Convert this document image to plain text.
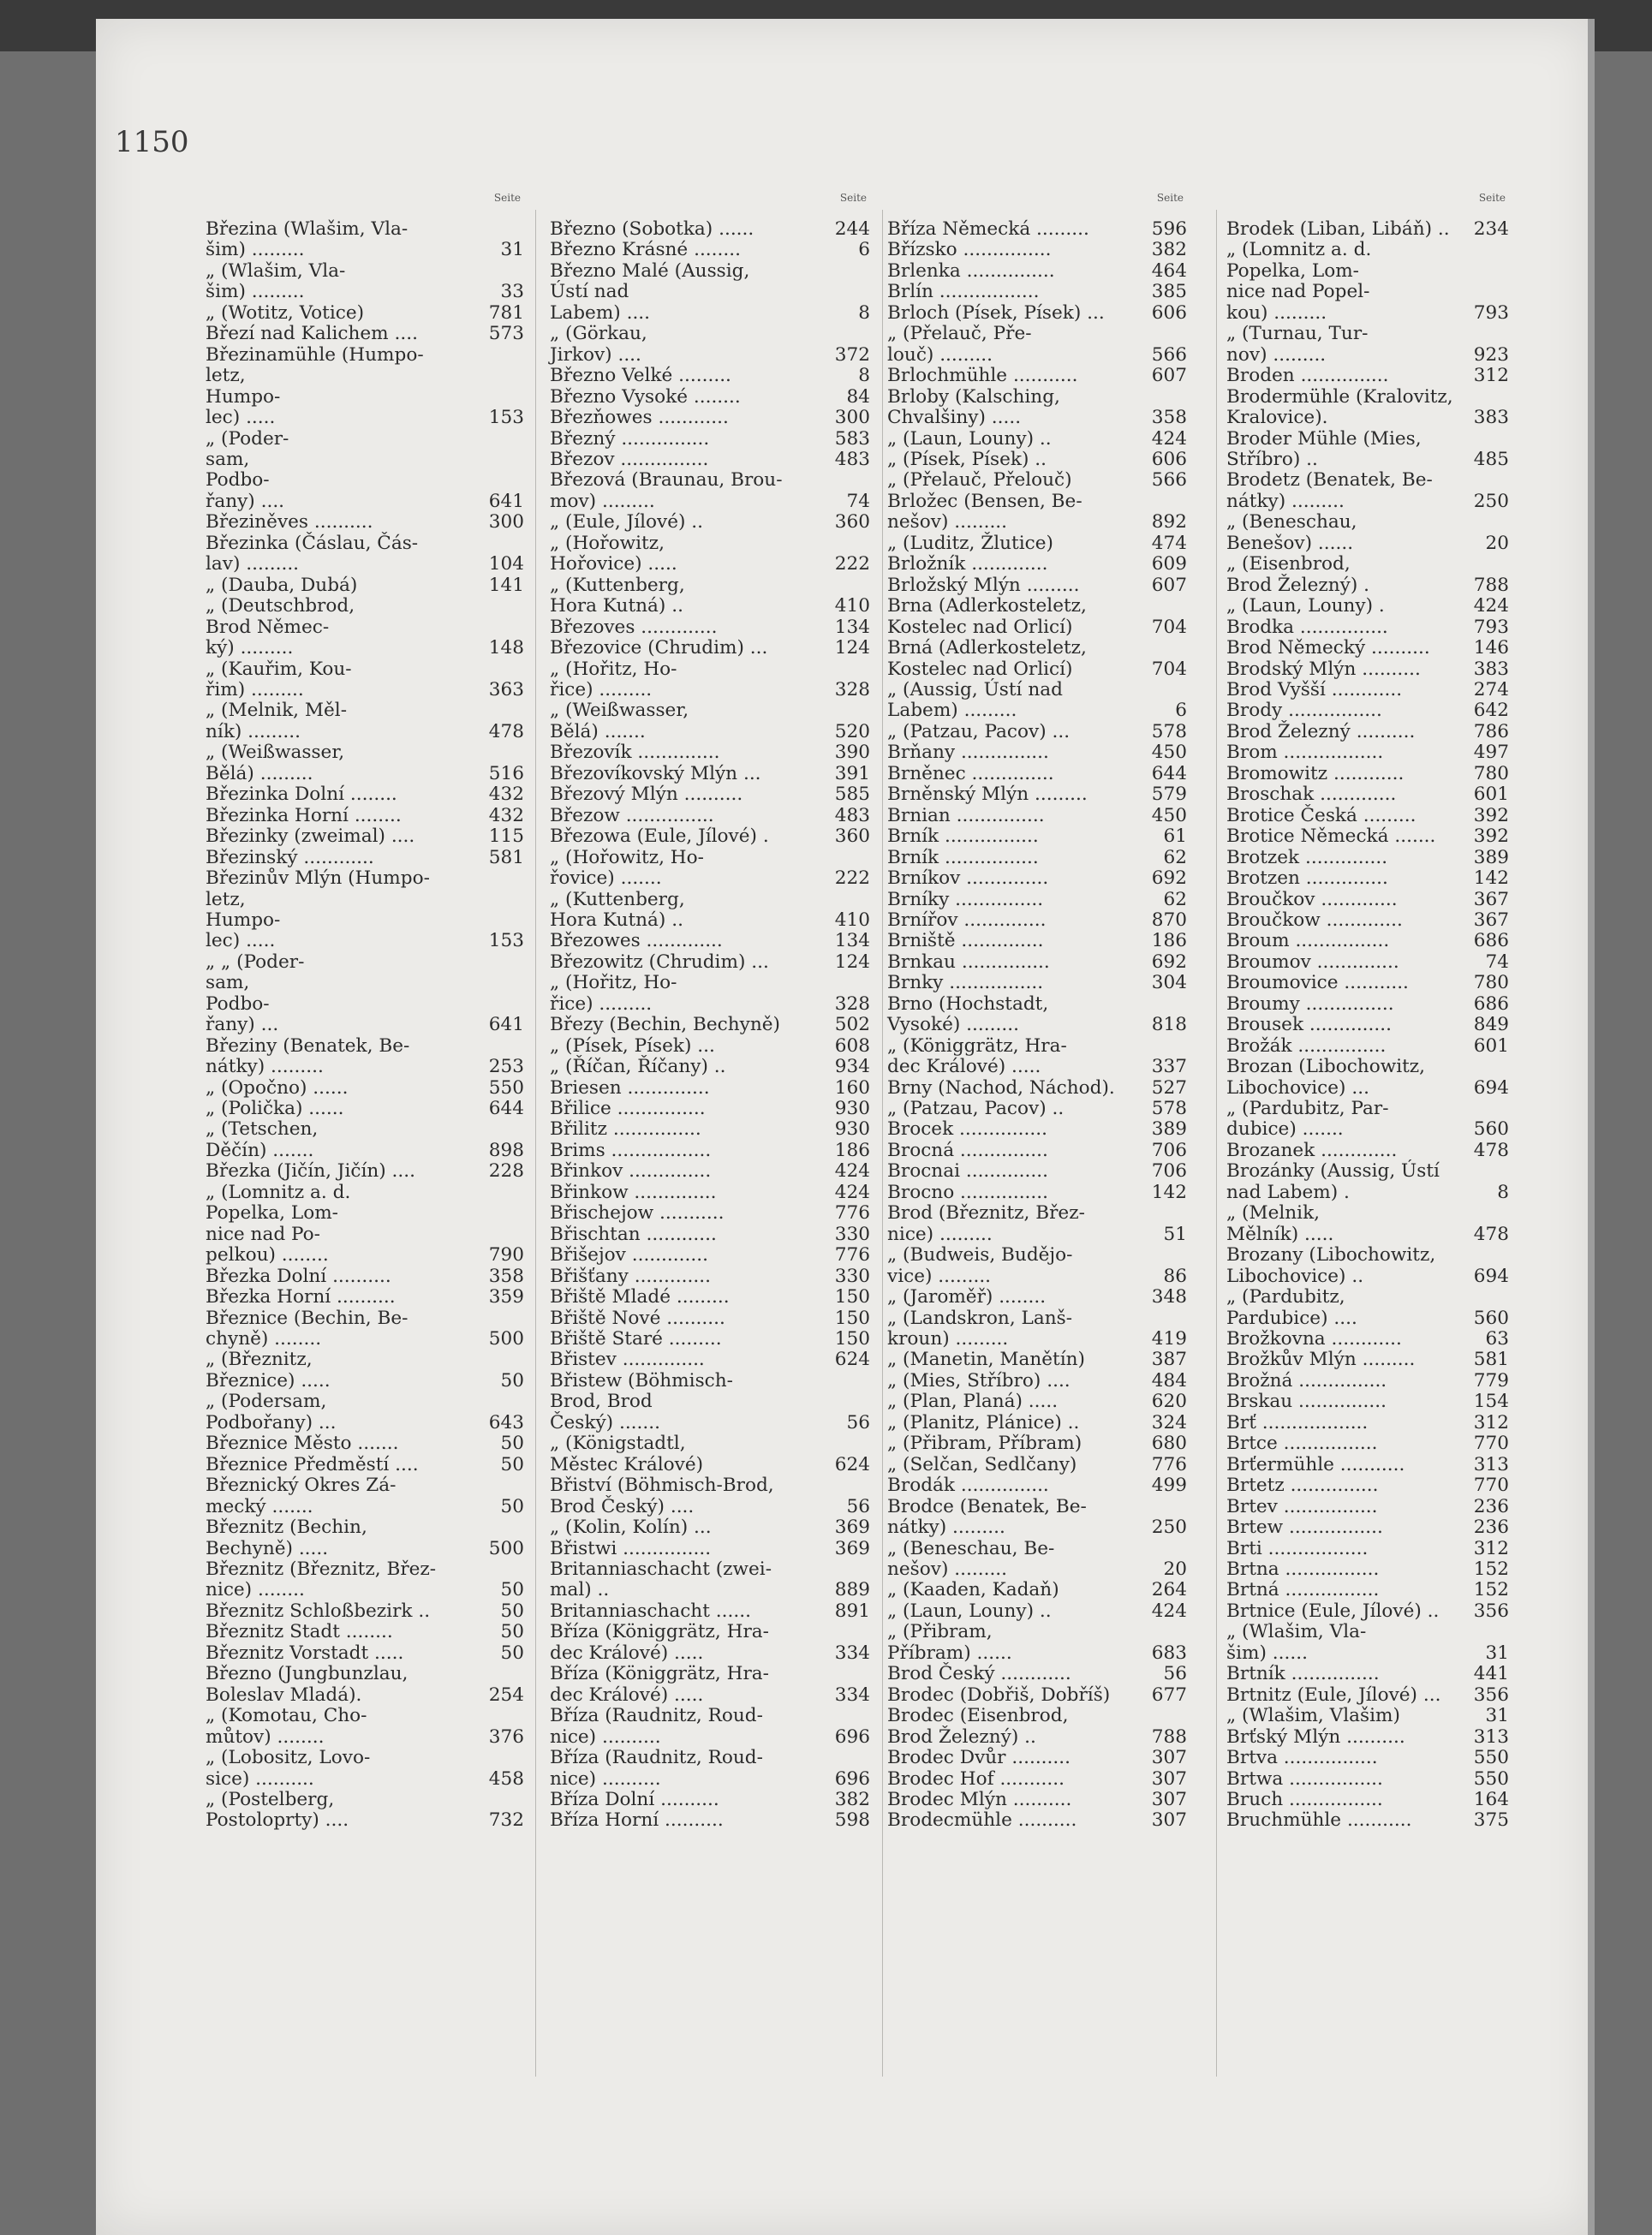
1150
Seite
Březina (Wlašim, Vla-
šim) .........	31
„ (Wlašim, Vla-
šim) .........	33
„ (Wotitz, Votice)	781
Březí nad Kalichem ....	573
Březinamühle (Humpo-
letz,
Humpo-
lec) .....	153
„ (Poder-
sam,
Podbo-
řany) ....	641
Březiněves ..........	300
Březinka (Čáslau, Čás-
lav) .........	104
„ (Dauba, Dubá)	141
„ (Deutschbrod,
Brod Němec-
ký) .........	148
„ (Kauřim, Kou-
řim) .........	363
„ (Melnik, Měl-
ník) .........	478
„ (Weißwasser,
Bělá) .........	516
Březinka Dolní ........	432
Březinka Horní ........	432
Březinky (zweimal) ....	115
Březinský ............	581
Březinův Mlýn (Humpo-
letz,
Humpo-
lec) .....	153
„ „ (Poder-
sam,
Podbo-
řany) ...	641
Březiny (Benatek, Be-
nátky) .........	253
„ (Opočno) ......	550
„ (Polička) ......	644
„ (Tetschen,
Děčín) .......	898
Březka (Jičín, Jičín) ....	228
„ (Lomnitz a. d.
Popelka, Lom-
nice nad Po-
pelkou) ........	790
Březka Dolní ..........	358
Březka Horní ..........	359
Březnice (Bechin, Be-
chyně) ........	500
„ (Březnitz,
Březnice) .....	50
„ (Podersam,
Podbořany) ...	643
Březnice Město .......	50
Březnice Předměstí ....	50
Březnický Okres Zá-
mecký .......	50
Březnitz (Bechin,
Bechyně) .....	500
Březnitz (Březnitz, Břez-
nice) ........	50
Březnitz Schloßbezirk ..	50
Březnitz Stadt ........	50
Březnitz Vorstadt .....	50
Březno (Jungbunzlau,
Boleslav Mladá).	254
„ (Komotau, Cho-
můtov) ........	376
„ (Lobositz, Lovo-
sice) ..........	458
„ (Postelberg,
Postoloprty) ....	732
Seite
Březno (Sobotka) ......	244
Březno Krásné ........	6
Březno Malé (Aussig,
Ústí nad
Labem) ....	8
„ (Görkau,
Jirkov) ....	372
Březno Velké .........	8
Březno Vysoké ........	84
Březňowes ............	300
Březný ...............	583
Březov ...............	483
Březová (Braunau, Brou-
mov) .........	74
„ (Eule, Jílové) ..	360
„ (Hořowitz,
Hořovice) .....	222
„ (Kuttenberg,
Hora Kutná) ..	410
Březoves .............	134
Březovice (Chrudim) ...	124
„ (Hořitz, Ho-
řice) .........	328
„ (Weißwasser,
Bělá) .......	520
Březovík ..............	390
Březovíkovský Mlýn ...	391
Březový Mlýn ..........	585
Březow ...............	483
Březowa (Eule, Jílové) .	360
„ (Hořowitz, Ho-
řovice) .......	222
„ (Kuttenberg,
Hora Kutná) ..	410
Březowes .............	134
Březowitz (Chrudim) ...	124
„ (Hořitz, Ho-
řice) .........	328
Březy (Bechin, Bechyně)	502
„ (Písek, Písek) ...	608
„ (Říčan, Říčany) ..	934
Briesen ..............	160
Břilice ...............	930
Břilitz ...............	930
Brims .................	186
Břinkov ..............	424
Břinkow ..............	424
Břischejow ...........	776
Břischtan ............	330
Břišejov .............	776
Břišťany .............	330
Břiště Mladé .........	150
Břiště Nové ..........	150
Břiště Staré .........	150
Břistev ..............	624
Břistew (Böhmisch-
Brod, Brod
Český) .......	56
„ (Königstadtl,
Městec Králové)	624
Břiství (Böhmisch-Brod,
Brod Český) ....	56
„ (Kolin, Kolín) ...	369
Břistwi ...............	369
Britanniaschacht (zwei-
mal) ..	889
Britanniaschacht ......	891
Bříza (Königgrätz, Hra-
dec Králové) .....	334
Bříza (Königgrätz, Hra-
dec Králové) .....	334
Bříza (Raudnitz, Roud-
nice) ..........	696
Bříza (Raudnitz, Roud-
nice) ..........	696
Bříza Dolní ..........	382
Bříza Horní ..........	598
Seite
Bříza Německá .........	596
Břízsko ...............	382
Brlenka ...............	464
Brlín .................	385
Brloch (Písek, Písek) ...	606
„ (Přelauč, Pře-
louč) .........	566
Brlochmühle ...........	607
Brloby (Kalsching,
Chvalšiny) .....	358
„ (Laun, Louny) ..	424
„ (Písek, Písek) ..	606
„ (Přelauč, Přelouč)	566
Brložec (Bensen, Be-
nešov) .........	892
„ (Luditz, Žlutice)	474
Brložník .............	609
Brložský Mlýn .........	607
Brna (Adlerkosteletz,
Kostelec nad Orlicí)	704
Brná (Adlerkosteletz,
Kostelec nad Orlicí)	704
„ (Aussig, Ústí nad
Labem) .........	6
„ (Patzau, Pacov) ...	578
Brňany ...............	450
Brněnec ..............	644
Brněnský Mlýn .........	579
Brnian ...............	450
Brník ................	61
Brník ................	62
Brníkov ..............	692
Brníky ...............	62
Brnířov ..............	870
Brniště ..............	186
Brnkau ...............	692
Brnky ................	304
Brno (Hochstadt,
Vysoké) .........	818
„ (Königgrätz, Hra-
dec Králové) .....	337
Brny (Nachod, Náchod).	527
„ (Patzau, Pacov) ..	578
Brocek ...............	389
Brocná ...............	706
Brocnai ..............	706
Brocno ...............	142
Brod (Březnitz, Břez-
nice) .........	51
„ (Budweis, Budějo-
vice) .........	86
„ (Jaroměř) ........	348
„ (Landskron, Lanš-
kroun) .........	419
„ (Manetin, Manětín)	387
„ (Mies, Stříbro) ....	484
„ (Plan, Planá) .....	620
„ (Planitz, Plánice) ..	324
„ (Přibram, Příbram)	680
„ (Selčan, Sedlčany)	776
Brodák ...............	499
Brodce (Benatek, Be-
nátky) .........	250
„ (Beneschau, Be-
nešov) .........	20
„ (Kaaden, Kadaň)	264
„ (Laun, Louny) ..	424
„ (Přibram,
Příbram) ......	683
Brod Český ............	56
Brodec (Dobřiš, Dobříš)	677
Brodec (Eisenbrod,
Brod Železný) ..	788
Brodec Dvůr ..........	307
Brodec Hof ...........	307
Brodec Mlýn ..........	307
Brodecmühle ..........	307
Seite
Brodek (Liban, Libáň) ..	234
„ (Lomnitz a. d.
Popelka, Lom-
nice nad Popel-
kou) .........	793
„ (Turnau, Tur-
nov) .........	923
Broden ...............	312
Brodermühle (Kralovitz,
Kralovice).	383
Broder Mühle (Mies,
Stříbro) ..	485
Brodetz (Benatek, Be-
nátky) .........	250
„ (Beneschau,
Benešov) ......	20
„ (Eisenbrod,
Brod Železný) .	788
„ (Laun, Louny) .	424
Brodka ...............	793
Brod Německý ..........	146
Brodský Mlýn ..........	383
Brod Vyšší ............	274
Brody ................	642
Brod Železný ..........	786
Brom .................	497
Bromowitz ............	780
Broschak .............	601
Brotice Česká .........	392
Brotice Německá .......	392
Brotzek ..............	389
Brotzen ..............	142
Broučkov .............	367
Broučkow .............	367
Broum ................	686
Broumov ..............	74
Broumovice ...........	780
Broumy ...............	686
Brousek ..............	849
Brožák ...............	601
Brozan (Libochowitz,
Libochovice) ...	694
„ (Pardubitz, Par-
dubice) .......	560
Brozanek .............	478
Brozánky (Aussig, Ústí
nad Labem) .	8
„ (Melnik,
Mělník) .....	478
Brozany (Libochowitz,
Libochovice) ..	694
„ (Pardubitz,
Pardubice) ....	560
Brožkovna ............	63
Brožkův Mlýn .........	581
Brožná ...............	779
Brskau ...............	154
Brť ..................	312
Brtce ................	770
Brťermühle ...........	313
Brtetz ...............	770
Brtev ................	236
Brtew ................	236
Brti .................	312
Brtna ................	152
Brtná ................	152
Brtnice (Eule, Jílové) ..	356
„ (Wlašim, Vla-
šim) ......	31
Brtník ...............	441
Brtnitz (Eule, Jílové) ...	356
„ (Wlašim, Vlašim)	31
Brťský Mlýn ..........	313
Brtva ................	550
Brtwa ................	550
Bruch ................	164
Bruchmühle ...........	375
